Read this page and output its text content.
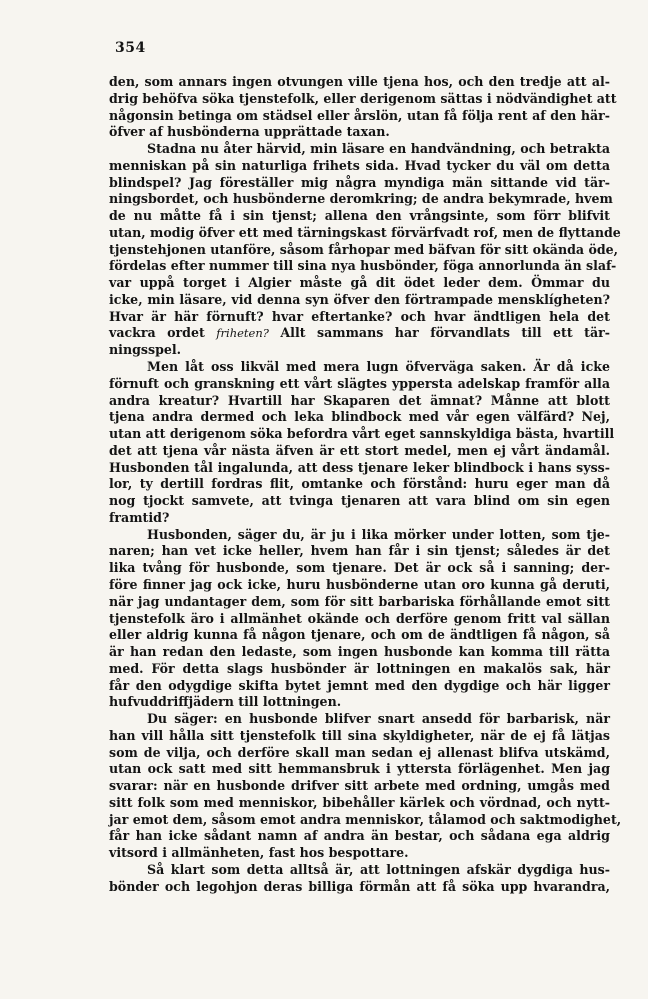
354
den, som annars ingen otvungen ville tjena hos, och den tredje att al-
drig behöfva söka tjenstefolk, eller derigenom sättas i nödvändighet att
någonsin betinga om städsel eller årslön, utan få följa rent af den här-
öfver af husbönderna upprättade taxan.
Stadna nu åter härvid, min läsare en handvändning, och betrakta
menniskan på sin naturliga frihets sida. Hvad tycker du väl om detta
blindspel? Jag föreställer mig några myndiga män sittande vid tär-
ningsbordet, och husbönderne deromkring; de andra bekymrade, hvem
de nu måtte få i sin tjenst; allena den vrångsinte, som förr blifvit
utan, modig öfver ett med tärningskast förvärfvadt rof, men de flyttande
tjenstehjonen utanföre, såsom fårhopar med bäfvan för sitt okända öde,
fördelas efter nummer till sina nya husbönder, föga annorlunda än slaf-
var uppå torget i Algier måste gå dit ödet leder dem. Ömmar du
icke, min läsare, vid denna syn öfver den förtrampade mensklígheten?
Hvar är här förnuft? hvar eftertanke? och hvar ändtligen hela det
vackra ordet friheten? Allt sammans har förvandlats till ett tär-
ningsspel.
Men låt oss likväl med mera lugn öfverväga saken. Är då icke
förnuft och granskning ett vårt slägtes yppersta adelskap framför alla
andra kreatur? Hvartill har Skaparen det ämnat? Månne att blott
tjena andra dermed och leka blindbock med vår egen välfärd? Nej,
utan att derigenom söka befordra vårt eget sannskyldiga bästa, hvartill
det att tjena vår nästa äfven är ett stort medel, men ej vårt ändamål.
Husbonden tål ingalunda, att dess tjenare leker blindbock i hans syss-
lor, ty dertill fordras flit, omtanke och förstånd: huru eger man då
nog tjockt samvete, att tvinga tjenaren att vara blind om sin egen
framtid?
Husbonden, säger du, är ju i lika mörker under lotten, som tje-
naren; han vet icke heller, hvem han får i sin tjenst; således är det
lika tvång för husbonde, som tjenare. Det är ock så i sanning; der-
före finner jag ock icke, huru husbönderne utan oro kunna gå deruti,
när jag undantager dem, som för sitt barbariska förhållande emot sitt
tjenstefolk äro i allmänhet okände och derföre genom fritt val sällan
eller aldrig kunna få någon tjenare, och om de ändtligen få någon, så
är han redan den ledaste, som ingen husbonde kan komma till rätta
med. För detta slags husbönder är lottningen en makalös sak, här
får den odygdige skifta bytet jemnt med den dygdige och här ligger
hufvuddriffjädern till lottningen.
Du säger: en husbonde blifver snart ansedd för barbarisk, när
han vill hålla sitt tjenstefolk till sina skyldigheter, när de ej få lätjas
som de vilja, och derföre skall man sedan ej allenast blifva utskämd,
utan ock satt med sitt hemmansbruk i yttersta förlägenhet. Men jag
svarar: när en husbonde drifver sitt arbete med ordning, umgås med
sitt folk som med menniskor, bibehåller kärlek och vördnad, och nytt-
jar emot dem, såsom emot andra menniskor, tålamod och saktmodighet,
får han icke sådant namn af andra än bestar, och sådana ega aldrig
vitsord i allmänheten, fast hos bespottare.
Så klart som detta alltså är, att lottningen afskär dygdiga hus-
bönder och legohjon deras billiga förmån att få söka upp hvarandra,
